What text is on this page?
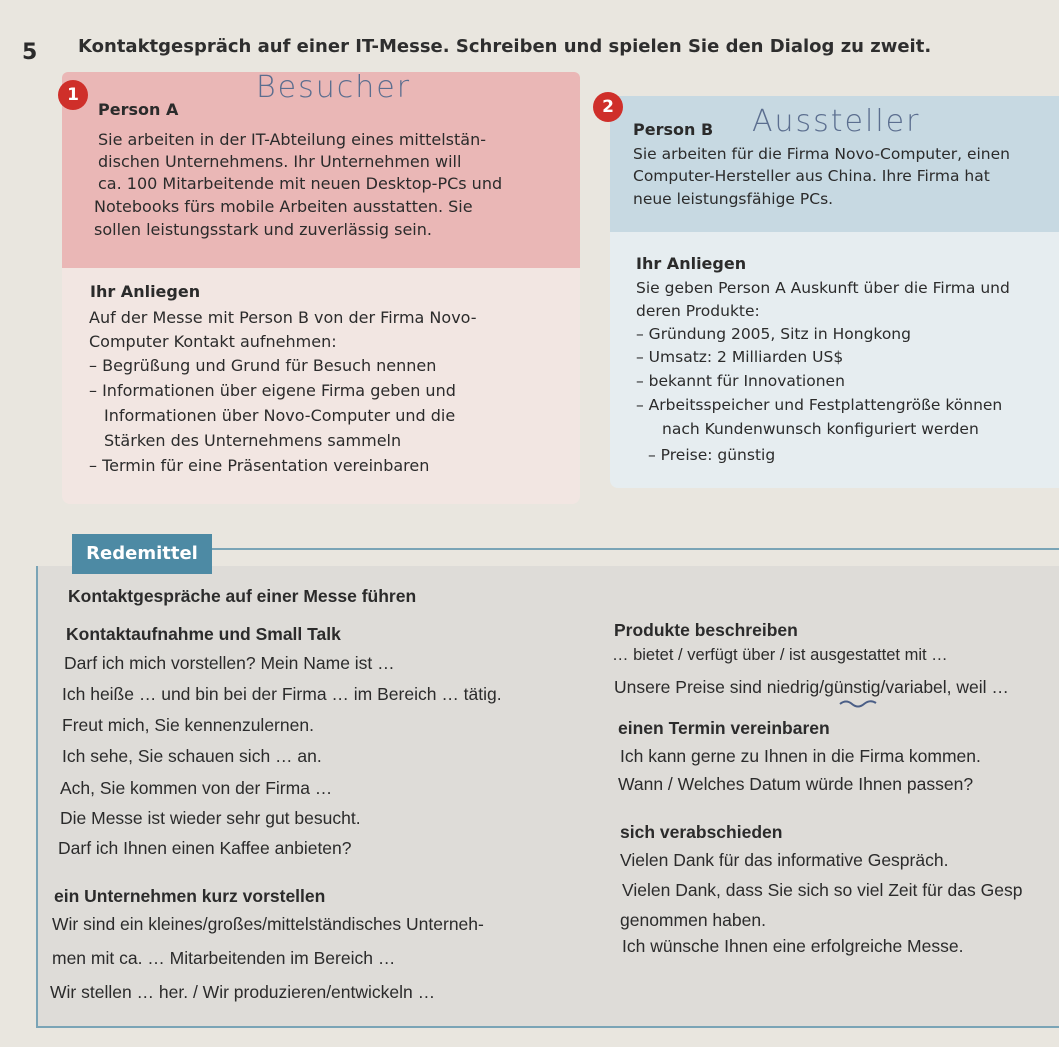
5 Kontaktgespräch auf einer IT-Messe. Schreiben und spielen Sie den Dialog zu zweit.
1	Besucher
Person A
Sie arbeiten in der IT-Abteilung eines mittelstän-
dischen Unternehmens. Ihr Unternehmen will
ca. 100 Mitarbeitende mit neuen Desktop-PCs und
Notebooks fürs mobile Arbeiten ausstatten. Sie
sollen leistungsstark und zuverlässig sein.
Ihr Anliegen
Auf der Messe mit Person B von der Firma Novo-
Computer Kontakt aufnehmen:
– Begrüßung und Grund für Besuch nennen
– Informationen über eigene Firma geben und
Informationen über Novo-Computer und die
Stärken des Unternehmens sammeln
– Termin für eine Präsentation vereinbaren
2	Aussteller
Person B
Sie arbeiten für die Firma Novo-Computer, einen
Computer-Hersteller aus China. Ihre Firma hat
neue leistungsfähige PCs.
Ihr Anliegen
Sie geben Person A Auskunft über die Firma und
deren Produkte:
– Gründung 2005, Sitz in Hongkong
– Umsatz: 2 Milliarden US$
– bekannt für Innovationen
– Arbeitsspeicher und Festplattengröße können
nach Kundenwunsch konfiguriert werden
– Preise: günstig
Redemittel
Kontaktgespräche auf einer Messe führen
Kontaktaufnahme und Small Talk
Darf ich mich vorstellen? Mein Name ist …
Ich heiße … und bin bei der Firma … im Bereich … tätig.
Freut mich, Sie kennenzulernen.
Ich sehe, Sie schauen sich … an.
Ach, Sie kommen von der Firma …
Die Messe ist wieder sehr gut besucht.
Darf ich Ihnen einen Kaffee anbieten?
ein Unternehmen kurz vorstellen
Wir sind ein kleines/großes/mittelständisches Unterneh-
men mit ca. … Mitarbeitenden im Bereich …
Wir stellen … her. / Wir produzieren/entwickeln …
Produkte beschreiben
… bietet / verfügt über / ist ausgestattet mit …
Unsere Preise sind niedrig/günstig/variabel, weil …
einen Termin vereinbaren
Ich kann gerne zu Ihnen in die Firma kommen.
Wann / Welches Datum würde Ihnen passen?
sich verabschieden
Vielen Dank für das informative Gespräch.
Vielen Dank, dass Sie sich so viel Zeit für das Gesp
genommen haben.
Ich wünsche Ihnen eine erfolgreiche Messe.
